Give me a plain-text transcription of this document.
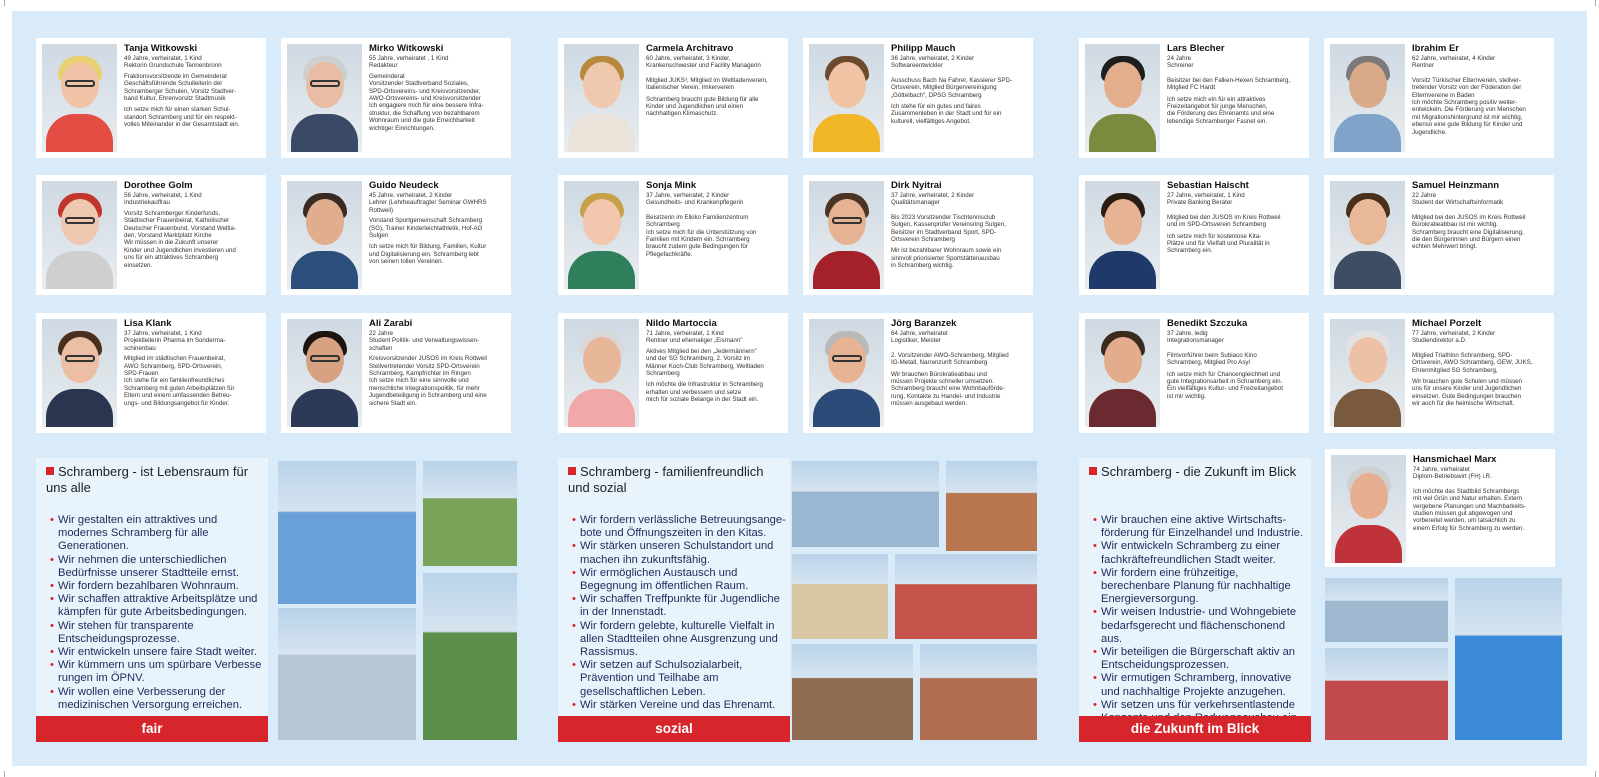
Tanja Witkowski
49 Jahre, verheiratet, 1 Kind
Rektorin Grundschule Tennenbronn
Fraktionsvorsitzende im Gemeinderat
Geschäftsführende Schulleiterin der
Schramberger Schulen, Vorsitz Stadtver-
band Kultur, Ehrenvorsitz Stadtmusik
Ich setze mich für einen starken Schul-
standort Schramberg und für ein respekt-
volles Miteinander in der Gesamtstadt ein.
Mirko Witkowski
55 Jahre, verheiratet , 1 Kind
Redakteur
Gemeinderat
Vorsitzender Stadtverband Soziales,
SPD-Ortsvereins- und Kreisvorsitzender,
AWO-Ortsvereins- und Kreisvorsitzender
Ich engagiere mich für eine bessere Infra-
struktur, die Schaffung von bezahlbarem
Wohnraum und die gute Erreichbarkeit
wichtiger Einrichtungen.
Dorothee Golm
56 Jahre, verheiratet, 1 Kind
Industriekauffrau
Vorsitz Schramberger Kinderfonds,
Städtischer Frauenbeirat, Katholischer
Deutscher Frauenbund, Vorstand Weltla-
den, Vorstand Marktplatz Kirche
Wir müssen in die Zukunft unserer
Kinder und Jugendlichen investieren und
uns für ein attraktives Schramberg
einsetzen.
Guido Neudeck
45 Jahre, verheiratet, 2 Kinder
Lehrer (Lehrbeauftragter Seminar GWHRS
Rottweil)
Vorstand Sportgemeinschaft Schramberg
(SG), Trainer Kinderleichtathletik, Hof-AG
Sulgen
Ich setze mich für Bildung, Familien, Kultur
und Digitalisierung ein. Schramberg lebt
von seinen tollen Vereinen.
Lisa Klank
37 Jahre, verheiratet, 1 Kind
Projektleiterin Pharma im Sonderma-
schinenbau
Mitglied im städtischen Frauenbeirat,
AWO Schramberg, SPD-Ortsverein,
SPD-Frauen
Ich stehe für ein familienfreundliches
Schramberg mit guten Arbeitsplätzen für
Eltern und einem umfassenden Betreu-
ungs- und Bildungsangebot für Kinder.
Ali Zarabi
22 Jahre
Student Politik- und Verwaltungswissen-
schaften
Kreisvorsitzender JUSOS im Kreis Rottweil
Stellvertretender Vorsitz SPD-Ortsverein
Schramberg, Kampfrichter im Ringen
Ich setze mich für eine sinnvolle und
menschliche Integrationspolitik, für mehr
Jugendbeteiligung in Schramberg und eine
sichere Stadt ein.
Schramberg - ist Lebensraum für uns alle
• Wir gestalten ein attraktives und modernes Schramberg für alle Generationen.
• Wir nehmen die unterschiedlichen Bedürfnisse unserer Stadtteile ernst.
• Wir fordern bezahlbaren Wohnraum.
• Wir schaffen attraktive Arbeitsplätze und kämpfen für gute Arbeitsbedingungen.
• Wir stehen für transparente Entscheidungsprozesse.
• Wir entwickeln unsere faire Stadt weiter.
• Wir kümmern uns um spürbare Verbesse rungen im ÖPNV.
• Wir wollen eine Verbesserung der medizinischen Versorgung erreichen.
fair
Carmela Architravo
60 Jahre, verheiratet, 3 Kinder,
Krankenschwester und Facility Managerin
Mitglied JUKS³, Mitglied im Weltladenverein,
Italienischer Verein, Imkerverein
Schramberg braucht gute Bildung für alle
Kinder und Jugendlichen und einen
nachhaltigen Klimaschutz.
Philipp Mauch
36 Jahre, verheiratet, 2 Kinder
Softwareentwickler
Ausschuss Bach Na Fahrer, Kassierer SPD-
Ortsverein, Mitglied Bürgervereinigung
„Göttelbach", DPSG Schramberg
Ich stehe für ein gutes und faires
Zusammenleben in der Stadt und für ein
kulturell, vielfältiges Angebot.
Sonja Mink
37 Jahre, verheiratet, 2 Kinder
Gesundheits- und Krankenpflegerin
Beisitzerin im Elkiko Familienzentrum
Schramberg
Ich setze mich für die Unterstützung von
Familien mit Kindern ein. Schramberg
braucht zudem gute Bedingungen für
Pflegefachkräfte.
Dirk Nyitrai
37 Jahre, verheiratet, 2 Kinder
Qualitätsmanager
Bis 2023 Vorsitzender Tischtennisclub
Sulgen, Kassenprüfer Vereinsring Sulgen,
Beisitzer im Stadtverband Sport, SPD-
Ortsverein Schramberg
Mir ist bezahlbarer Wohnraum sowie ein
sinnvoll priorisierter Sportstättenausbau
in Schramberg wichtig.
Nildo Martoccia
71 Jahre, verheiratet, 1 Kind
Rentner und ehemaliger „Eismann"
Aktives Mitglied bei den „Jedermännern"
und der SG Schramberg, 2. Vorsitz im
Männer Koch-Club Schramberg, Weltladen
Schramberg
Ich möchte die Infrastruktur in Schramberg
erhalten und verbessern und setze
mich für soziale Belange in der Stadt ein.
Jörg Baranzek
64 Jahre, verheiratet
Logistiker, Meister
2. Vorsitzender AWO-Schramberg, Mitglied
IG-Metall, Narrenzunft Schramberg
Wir brauchen Bürokratieabbau und
müssen Projekte schneller umsetzen.
Schramberg braucht eine Wohnbauförde-
rung, Kontakte zu Handel- und Industrie
müssen ausgebaut werden.
Schramberg - familienfreundlich und sozial
• Wir fordern verlässliche Betreuungsange- bote und Öffnungszeiten in den Kitas.
• Wir stärken unseren Schulstandort und machen ihn zukunftsfähig.
• Wir ermöglichen Austausch und Begegnung im öffentlichen Raum.
• Wir schaffen Treffpunkte für Jugendliche in der Innenstadt.
• Wir fordern gelebte, kulturelle Vielfalt in allen Stadtteilen ohne Ausgrenzung und Rassismus.
• Wir setzen auf Schulsozialarbeit, Prävention und Teilhabe am gesellschaftlichen Leben.
• Wir stärken Vereine und das Ehrenamt.
sozial
Lars Blecher
24 Jahre
Schreiner
Beisitzer bei den Falken-Hexen Schramberg,
Mitglied FC Hardt
Ich setze mich ein für ein attraktives
Freizeitangebot für junge Menschen,
die Förderung des Ehrenamts und eine
lebendige Schramberger Fasnet ein.
Ibrahim Er
62 Jahre, verheiratet, 4 Kinder
Rentner
Vorsitz Türkischer Elternverein, stellver-
tretender Vorsitz von der Föderation der
Elternvereine in Baden
Ich möchte Schramberg positiv weiter-
entwickeln. Die Förderung von Menschen
mit Migrationshintergrund ist mir wichtig,
ebenso eine gute Bildung für Kinder und
Jugendliche.
Sebastian Haischt
27 Jahre, verheiratet, 1 Kind
Private Banking Berater
Mitglied bei den JUSOS im Kreis Rottweil
und im SPD-Ortsverein Schramberg
Ich setze mich für kostenlose Kita-
Plätze und für Vielfalt und Pluralität in
Schramberg ein.
Samuel Heinzmann
22 Jahre
Student der Wirtschaftsinformatik
Mitglied bei den JUSOS im Kreis Rottweil
Bürokratieabbau ist mir wichtig.
Schramberg braucht eine Digitalisierung,
die den Bürgerinnen und Bürgern einen
echten Mehrwert bringt.
Benedikt Szczuka
37 Jahre, ledig
Integrationsmanager
Filmvorführer beim Subiaco Kino
Schramberg, Mitglied Pro Asyl
Ich setze mich für Chancengleichheit und
gute Integrationsarbeit in Schramberg ein.
Ein vielfältiges Kultur- und Freizeitangebot
ist mir wichtig.
Michael Porzelt
77 Jahre, verheiratet, 2 Kinder
Studiendirektor a.D.
Mitglied Triathlon Schramberg, SPD-
Ortsverein, AWO Schramberg, GEW, JUKS,
Ehrenmitglied SG Schramberg,
Wir brauchen gute Schulen und müssen
uns für unsere Kinder und Jugendlichen
einsetzen. Gute Bedingungen brauchen
wir auch für die heimische Wirtschaft.
Schramberg - die Zukunft im Blick
• Wir brauchen eine aktive Wirtschafts- förderung für Einzelhandel und Industrie.
• Wir entwickeln Schramberg zu einer fachkräftefreundlichen Stadt weiter.
• Wir fordern eine frühzeitige, berechenbare Planung für nachhaltige Energieversorgung.
• Wir weisen Industrie- und Wohngebiete bedarfsgerecht und flächenschonend aus.
• Wir beteiligen die Bürgerschaft aktiv an Entscheidungsprozessen.
• Wir ermutigen Schramberg, innovative und nachhaltige Projekte anzugehen.
• Wir setzen uns für verkehrsentlastende
die Zukunft im Blick
Hansmichael Marx
74 Jahre, verheiratet
Diplom-Betriebswirt (FH) i.R.
Ich möchte das Stadtbild Schrambergs
mit viel Grün und Natur erhalten. Extern
vergebene Planungen und Machbarkeits-
studien müssen gut abgewogen und
vorbereitet werden, um tatsächlich zu
einem Erfolg für Schramberg zu werden.
